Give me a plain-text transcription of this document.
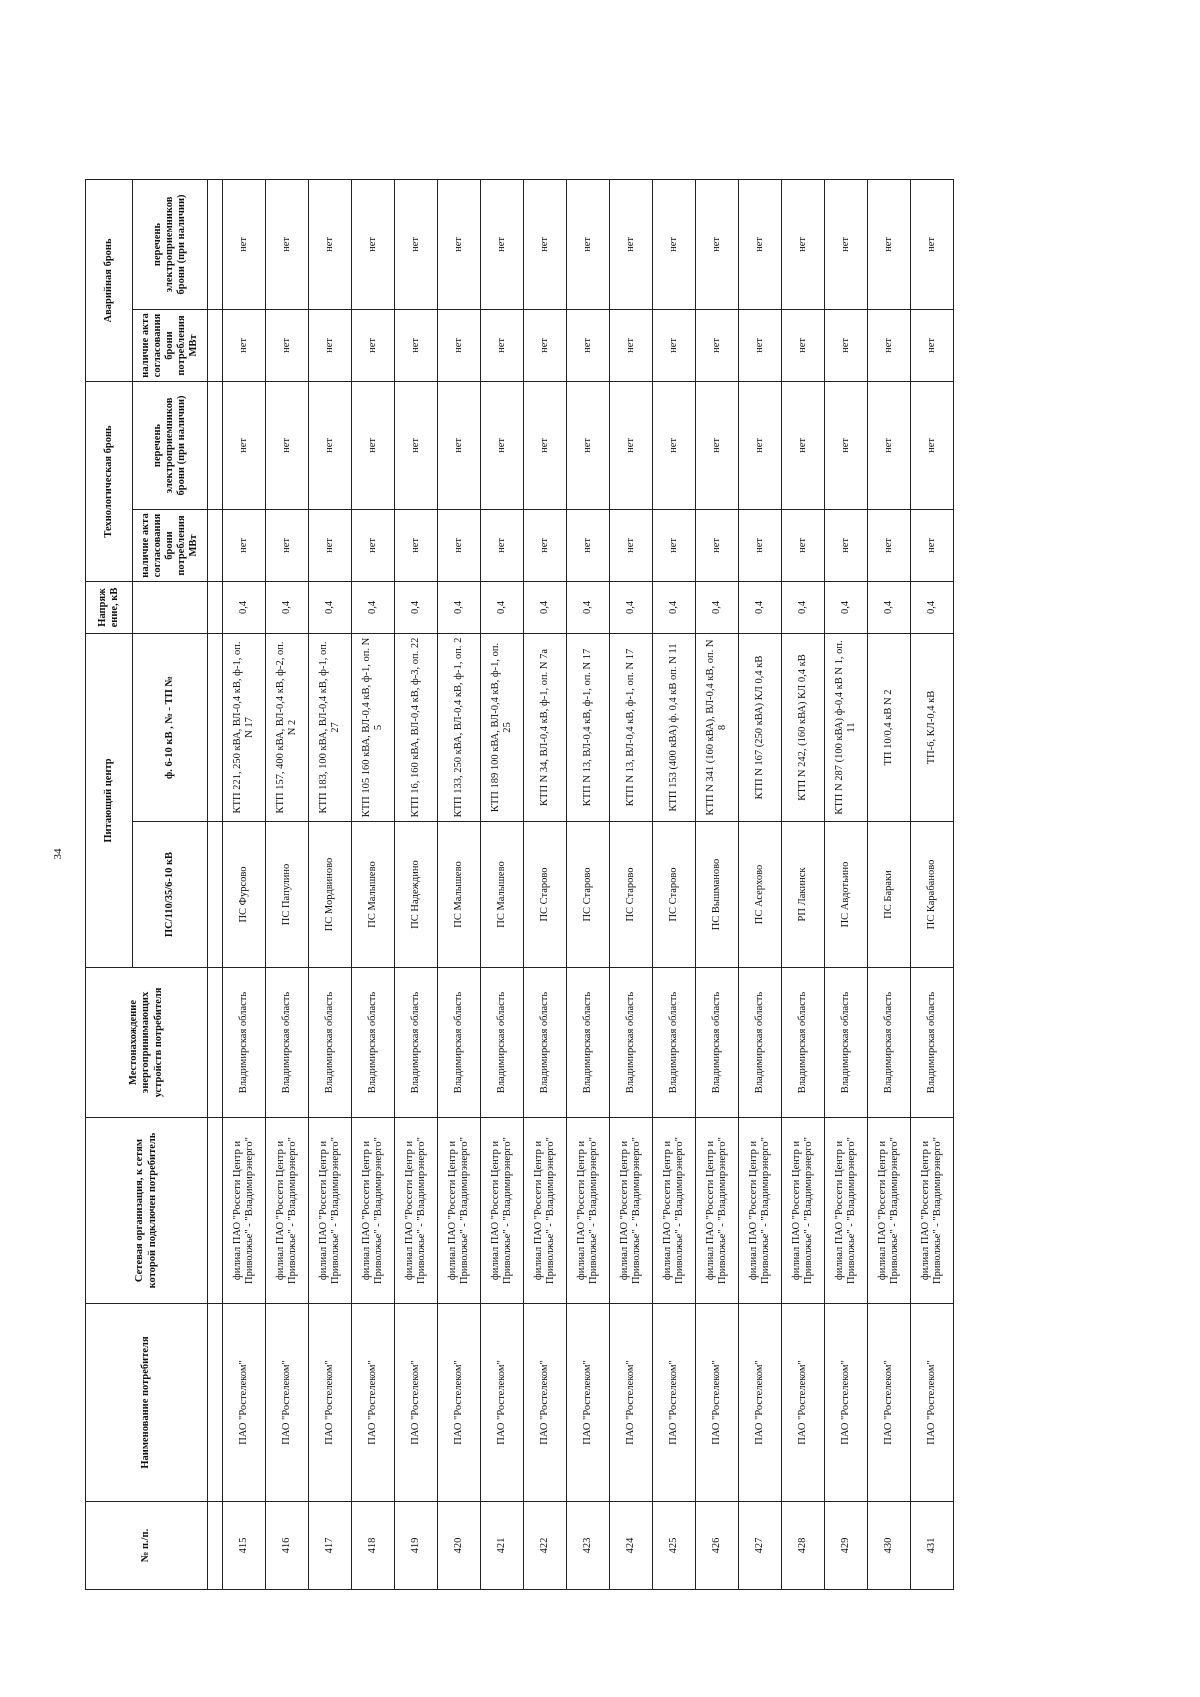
34
№ п./п.	Наименование потребителя	Сетевая организация, к сетям которой подключен потребитель	Местонахождение энергопринимающих устройств потребителя	Питающий центр		Напряж ение, кВ	Технологическая бронь		Аварийная бронь	
				ПС/110/35/6-10 кВ	ф. 6-10 кВ , № - ТП №		наличие акта согласования брони потребления МВт	перечень электроприемников брони (при наличии)	наличие акта согласования брони потребления МВт	перечень электроприемников брони (при наличии)

415	ПАО "Ростелеком"	филиал ПАО "Россети Центр и Приволжье" - "Владимирэнерго"	Владимирская область	ПС Фурсово	КТП 221, 250 кВА, ВЛ-0,4 кВ, ф-1, оп. N 17	0,4	нет	нет	нет	нет
416	ПАО "Ростелеком"	филиал ПАО "Россети Центр и Приволжье" - "Владимирэнерго"	Владимирская область	ПС Папулино	КТП 157, 400 кВА, ВЛ-0,4 кВ, ф-2, оп. N 2	0,4	нет	нет	нет	нет
417	ПАО "Ростелеком"	филиал ПАО "Россети Центр и Приволжье" - "Владимирэнерго"	Владимирская область	ПС Мордвиново	КТП 183, 100 кВА, ВЛ-0,4 кВ, ф-1, оп. 27	0,4	нет	нет	нет	нет
418	ПАО "Ростелеком"	филиал ПАО "Россети Центр и Приволжье" - "Владимирэнерго"	Владимирская область	ПС Малышево	КТП 105 160 кВА, ВЛ-0,4 кВ, ф-1, оп. N 5	0,4	нет	нет	нет	нет
419	ПАО "Ростелеком"	филиал ПАО "Россети Центр и Приволжье" - "Владимирэнерго"	Владимирская область	ПС Надеждино	КТП 16, 160 кВА, ВЛ-0,4 кВ, ф-3, оп. 22	0,4	нет	нет	нет	нет
420	ПАО "Ростелеком"	филиал ПАО "Россети Центр и Приволжье" - "Владимирэнерго"	Владимирская область	ПС Малышево	КТП 133, 250 кВА, ВЛ-0,4 кВ, ф-1, оп. 2	0,4	нет	нет	нет	нет
421	ПАО "Ростелеком"	филиал ПАО "Россети Центр и Приволжье" - "Владимирэнерго"	Владимирская область	ПС Малышево	КТП 189 100 кВА, ВЛ-0,4 кВ, ф-1, оп. 25	0,4	нет	нет	нет	нет
422	ПАО "Ростелеком"	филиал ПАО "Россети Центр и Приволжье" - "Владимирэнерго"	Владимирская область	ПС Старово	КТП N 34, ВЛ-0,4 кВ, ф-1, оп. N 7а	0,4	нет	нет	нет	нет
423	ПАО "Ростелеком"	филиал ПАО "Россети Центр и Приволжье" - "Владимирэнерго"	Владимирская область	ПС Старово	КТП N 13, ВЛ-0,4 кВ, ф-1, оп. N 17	0,4	нет	нет	нет	нет
424	ПАО "Ростелеком"	филиал ПАО "Россети Центр и Приволжье" - "Владимирэнерго"	Владимирская область	ПС Старово	КТП N 13, ВЛ-0,4 кВ, ф-1, оп. N 17	0,4	нет	нет	нет	нет
425	ПАО "Ростелеком"	филиал ПАО "Россети Центр и Приволжье" - "Владимирэнерго"	Владимирская область	ПС Старово	КТП 153 (400 кВА) ф. 0,4 кВ оп. N 11	0,4	нет	нет	нет	нет
426	ПАО "Ростелеком"	филиал ПАО "Россети Центр и Приволжье" - "Владимирэнерго"	Владимирская область	ПС Вышманово	КТП N 341 (160 кВА), ВЛ-0,4 кВ, оп. N 8	0,4	нет	нет	нет	нет
427	ПАО "Ростелеком"	филиал ПАО "Россети Центр и Приволжье" - "Владимирэнерго"	Владимирская область	ПС Асерхово	КТП N 167 (250 кВА) КЛ 0,4 кВ	0,4	нет	нет	нет	нет
428	ПАО "Ростелеком"	филиал ПАО "Россети Центр и Приволжье" - "Владимирэнерго"	Владимирская область	РП Лакинск	КТП N 242, (160 кВА) КЛ 0,4 кВ	0,4	нет	нет	нет	нет
429	ПАО "Ростелеком"	филиал ПАО "Россети Центр и Приволжье" - "Владимирэнерго"	Владимирская область	ПС Авдотьино	КТП N 287 (100 кВА) ф-0,4 кВ N 1, оп. 11	0,4	нет	нет	нет	нет
430	ПАО "Ростелеком"	филиал ПАО "Россети Центр и Приволжье" - "Владимирэнерго"	Владимирская область	ПС Бараки	ТП 10/0,4 кВ N 2	0,4	нет	нет	нет	нет
431	ПАО "Ростелеком"	филиал ПАО "Россети Центр и Приволжье" - "Владимирэнерго"	Владимирская область	ПС Карабаново	ТП-6, КЛ-0,4 кВ	0,4	нет	нет	нет	нет
